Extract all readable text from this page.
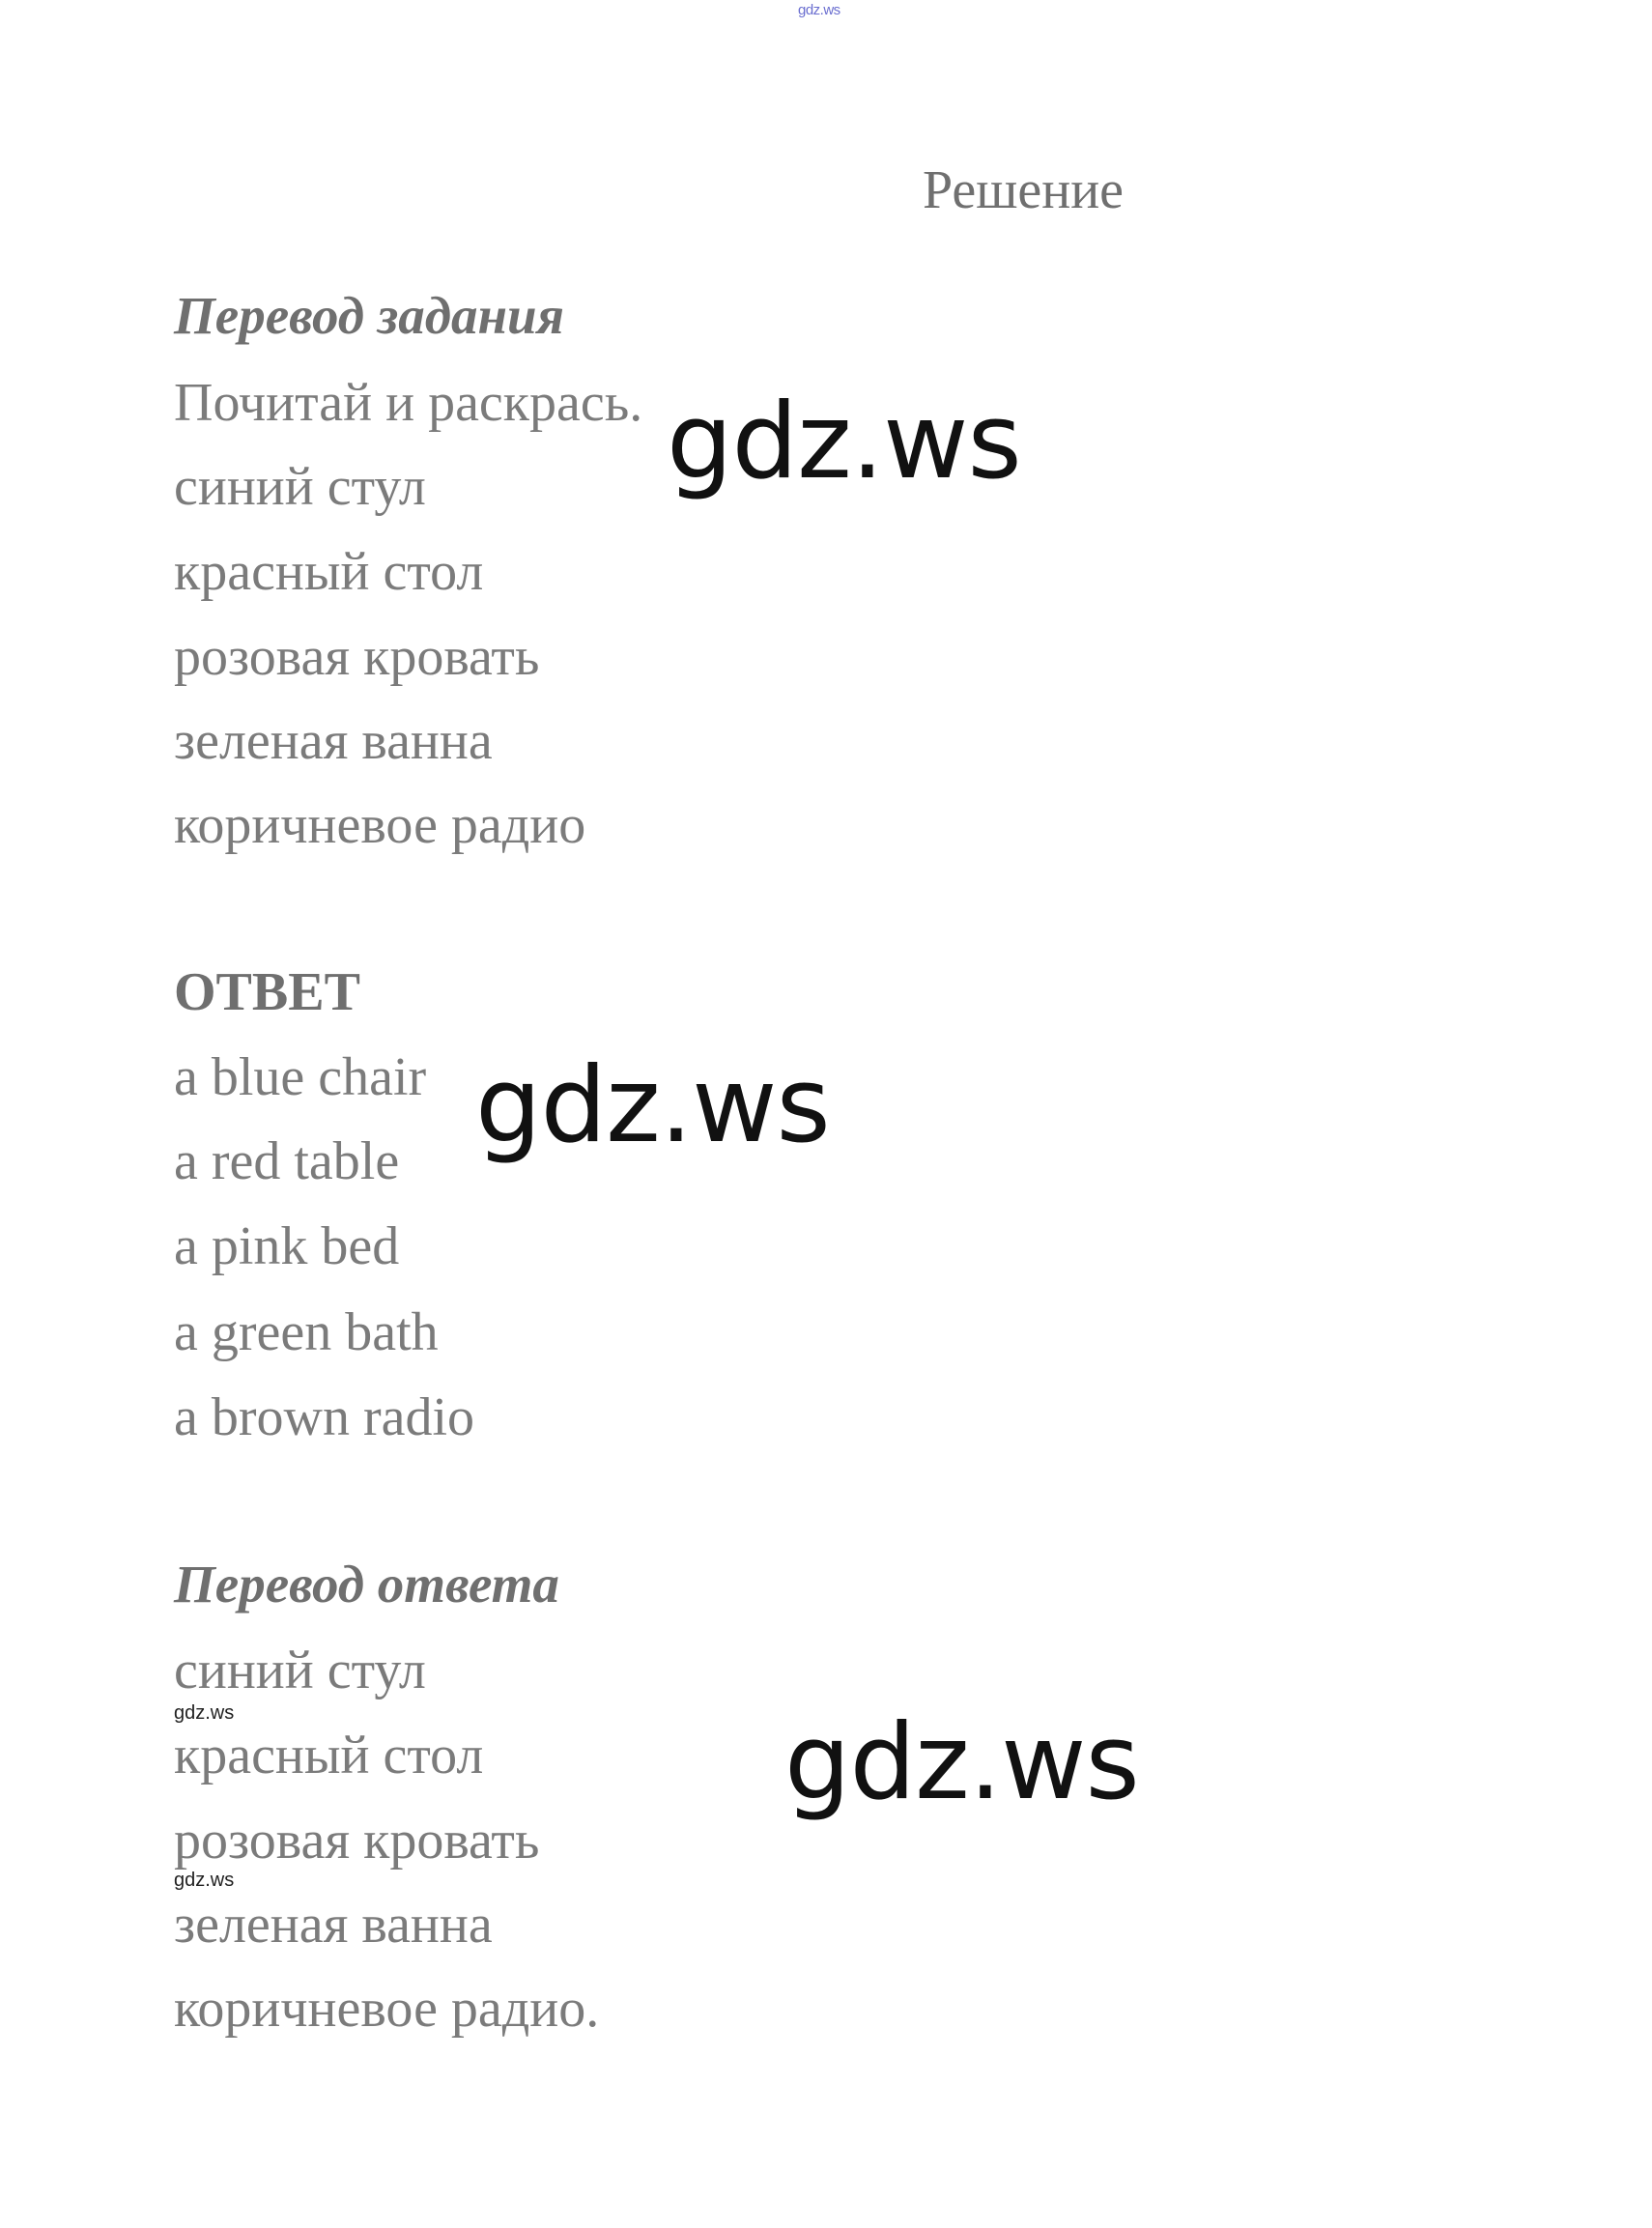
gdz.ws
Решение
Перевод задания
Почитай и раскрась.
синий стул
красный стол
розовая кровать
зеленая ванна
коричневое радио
ОТВЕТ
a blue chair
a red table
a pink bed
a green bath
a brown radio
Перевод ответа
синий стул
красный стол
розовая кровать
зеленая ванна
коричневое радио.
gdz.ws
gdz.ws
gdz.ws
gdz.ws
gdz.ws
